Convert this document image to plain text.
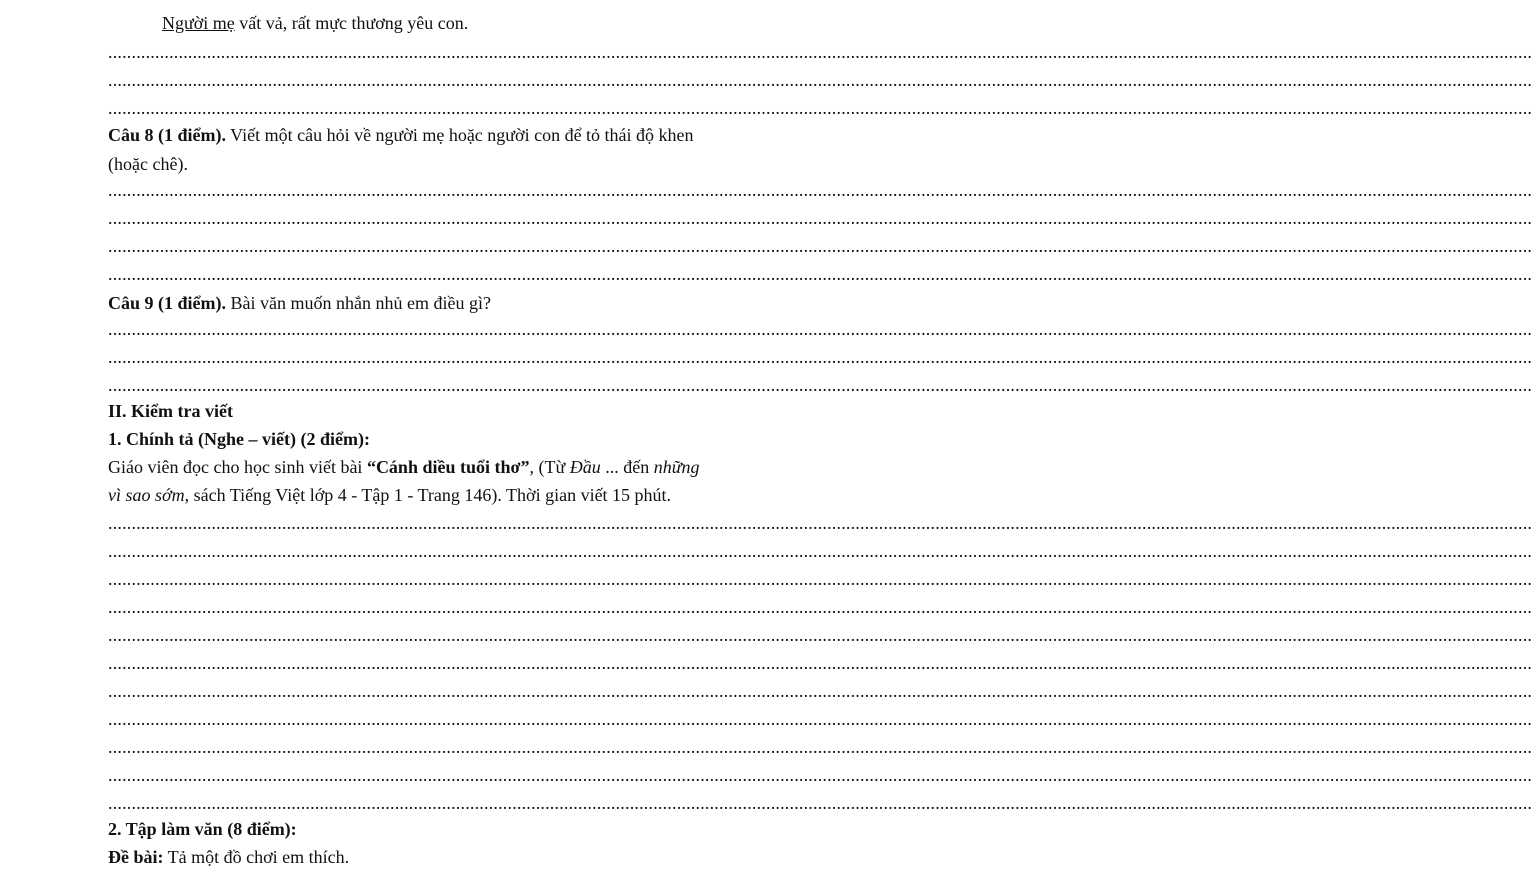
Người mẹ vất vả, rất mực thương yêu con.
...............................................................................................................................................................................................................................................................................................................
...............................................................................................................................................................................................................................................................................................................
...............................................................................................................................................................................................................................................................................................................
Câu 8 (1 điểm). Viết một câu hỏi về người mẹ hoặc người con để tỏ thái độ khen
(hoặc chê).
...............................................................................................................................................................................................................................................................................................................
...............................................................................................................................................................................................................................................................................................................
...............................................................................................................................................................................................................................................................................................................
...............................................................................................................................................................................................................................................................................................................
Câu 9 (1 điểm). Bài văn muốn nhắn nhủ em điều gì?
...............................................................................................................................................................................................................................................................................................................
...............................................................................................................................................................................................................................................................................................................
...............................................................................................................................................................................................................................................................................................................
II. Kiểm tra viết
1. Chính tả (Nghe – viết) (2 điểm):
Giáo viên đọc cho học sinh viết bài “Cánh diều tuổi thơ”, (Từ Đầu ... đến những
vì sao sớm, sách Tiếng Việt lớp 4 - Tập 1 - Trang 146). Thời gian viết 15 phút.
...............................................................................................................................................................................................................................................................................................................
...............................................................................................................................................................................................................................................................................................................
...............................................................................................................................................................................................................................................................................................................
...............................................................................................................................................................................................................................................................................................................
...............................................................................................................................................................................................................................................................................................................
...............................................................................................................................................................................................................................................................................................................
...............................................................................................................................................................................................................................................................................................................
...............................................................................................................................................................................................................................................................................................................
...............................................................................................................................................................................................................................................................................................................
...............................................................................................................................................................................................................................................................................................................
...............................................................................................................................................................................................................................................................................................................
2. Tập làm văn (8 điểm):
Đề bài: Tả một đồ chơi em thích.
